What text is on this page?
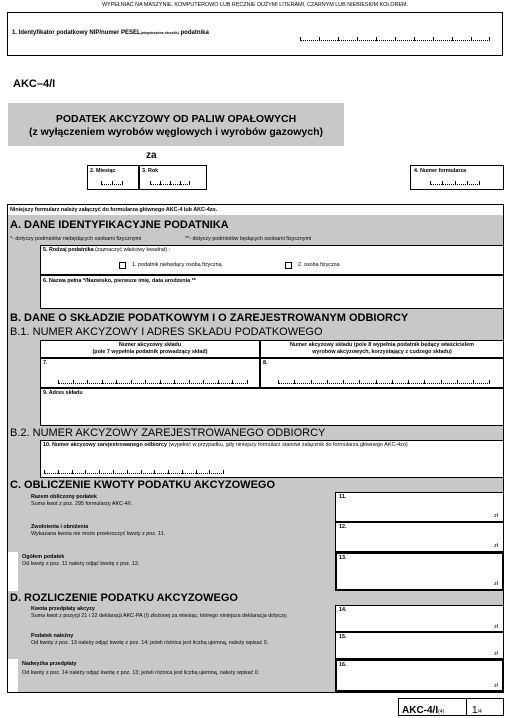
WYPEŁNIAĆ NA MASZYNIE, KOMPUTEROWO LUB RĘCZNIE DUŻYMI LITERAMI, CZARNYM LUB NIEBIESKIM KOLOREM.
1. Identyfikator podatkowy NIP/numer $PESEL^{(niepotrzebne skreślić)}$ podatnika
AKC–4/I
PODATEK AKCYZOWY OD PALIW OPAŁOWYCH
(z wyłączeniem wyrobów węglowych i wyrobów gazowych)
za
2. Miesiąc	3. Rok	4. Numer formularza
Niniejszy formularz należy załączyć do formularza głównego AKC-4 lub AKC-4zo.
A. DANE IDENTYFIKACYJNE PODATNIKA
*- dotyczy podmiotów niebędących osobami fizycznymi	**- dotyczy podmiotów będących osobami fizycznymi
5. Rodzaj podatnika (zaznaczyć właściwy kwadrat) :
1. podatnik niebędący osobą fizyczną	2. osoba fizyczna
6. Nazwa pełna */Nazwisko, pierwsze imię, data urodzenia **
B. DANE O SKŁADZIE PODATKOWYM I O ZAREJESTROWANYM ODBIORCY
B.1. NUMER AKCYZOWY I ADRES SKŁADU PODATKOWEGO
Numer akcyzowy składu
(pole 7 wypełnia podatnik prowadzący skład)
Numer akcyzowy składu (pole 8 wypełnia podatnik będący właścicielem
wyrobów akcyzowych, korzystający z cudzego składu)
7.	8.
9. Adres składu
B.2. NUMER AKCYZOWY ZAREJESTROWANEGO ODBIORCY
10. Numer akcyzowy zarejestrowanego odbiorcy (wypełnić w przypadku, gdy niniejszy formularz stanowi załącznik do formularza głównego AKC-4zo)
C. OBLICZENIE KWOTY PODATKU AKCYZOWEGO
Razem obliczony podatek
Suma kwot z poz. 295 formularzy AKC-4/I.
11.
zł
Zwolnienia i obniżenia
Wykazana kwota nie może przekroczyć kwoty z poz. 11.
12.
zł
Ogółem podatek
Od kwoty z poz. 11 należy odjąć kwotę z poz. 12.
13.
zł
D. ROZLICZENIE PODATKU AKCYZOWEGO
Kwota przedpłaty akcyzy
Suma kwot z pozycji 21 i 22 deklaracji AKC-PA (I) złożonej za miesiąc, którego niniejsza deklaracja dotyczy.
14.
zł
Podatek należny
Od kwoty z poz. 13 należy odjąć kwotę z poz. 14; jeżeli różnica jest liczbą ujemną, należy wpisać 0.
15.
zł
Nadwyżka przedpłaty
Od kwoty z poz. 14 należy odjąć kwotę z poz. 13; jeżeli różnica jest liczbą ujemną, należy wpisać 0.
16.
zł
AKC-4/I(4)	1/4
